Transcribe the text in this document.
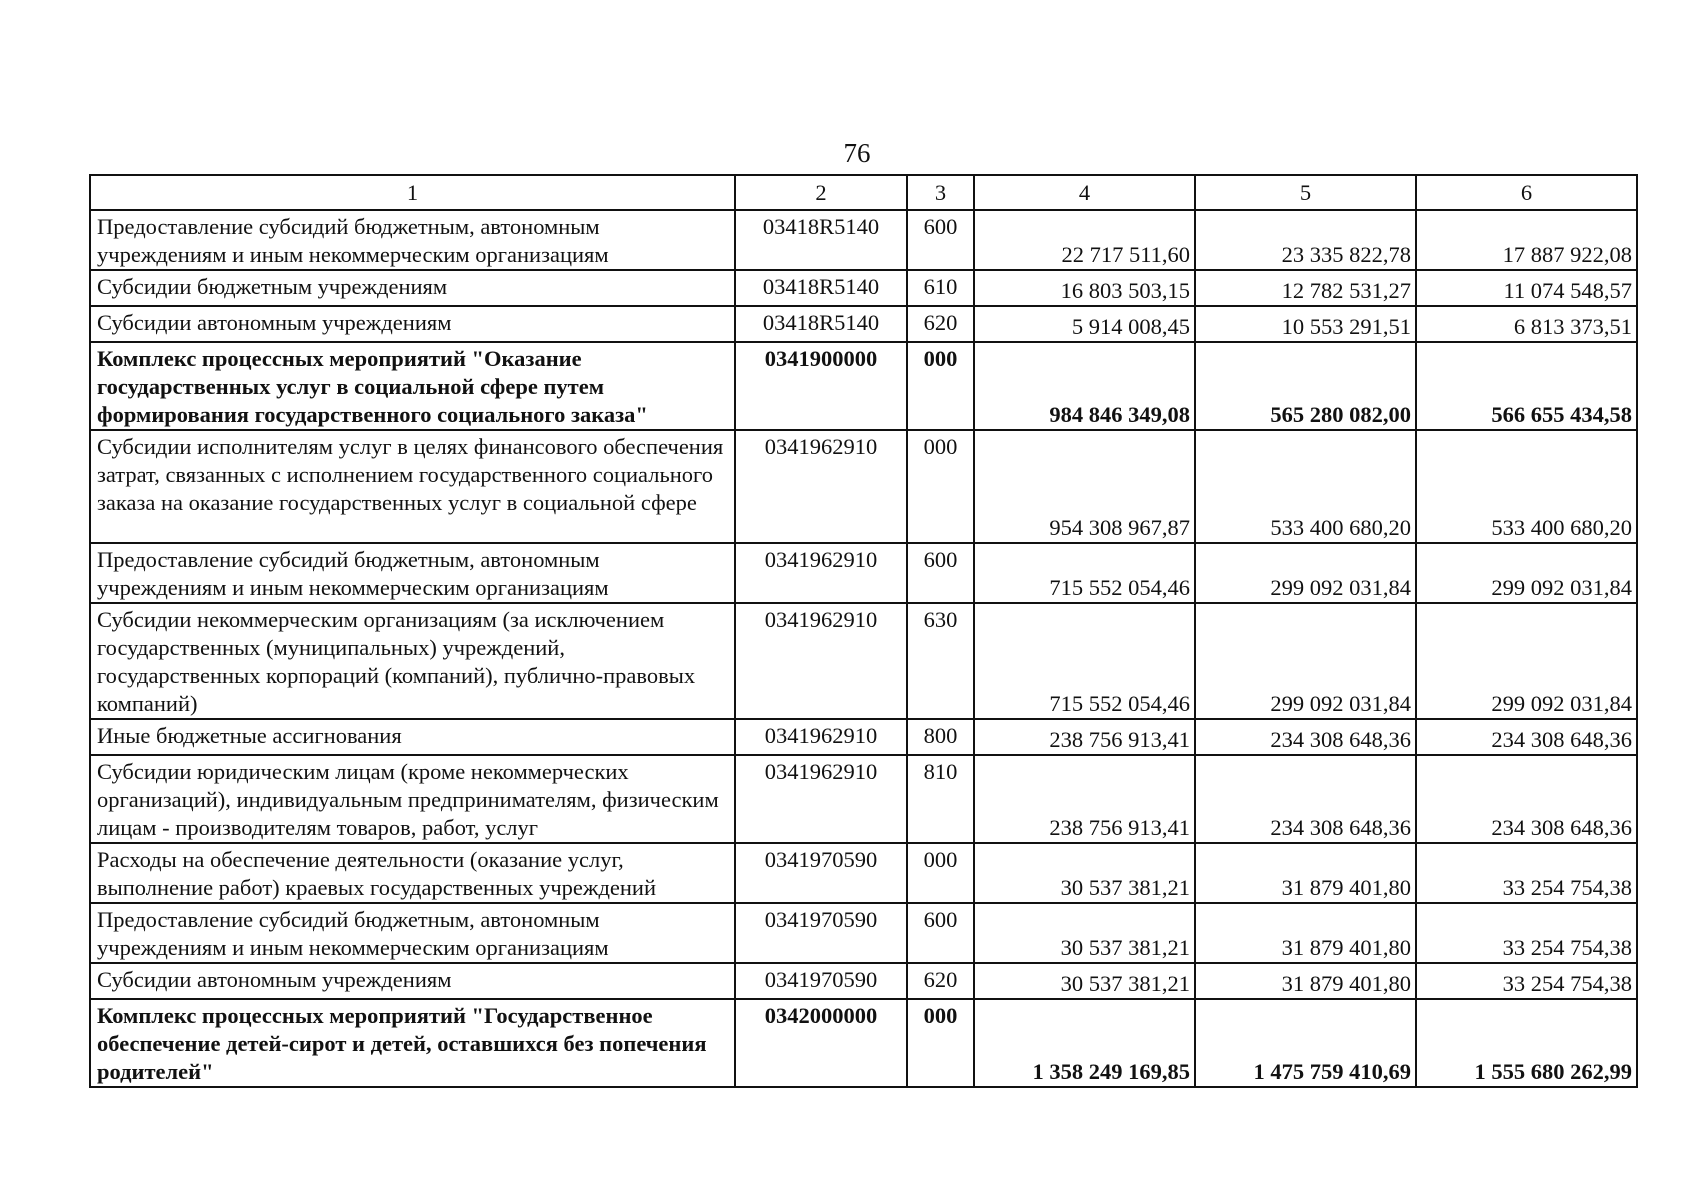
76
1	2	3	4	5	6
Предоставление субсидий бюджетным, автономным учреждениям и иным некоммерческим организациям	03418R5140	600	22 717 511,60	23 335 822,78	17 887 922,08
Субсидии бюджетным учреждениям	03418R5140	610	16 803 503,15	12 782 531,27	11 074 548,57
Субсидии автономным учреждениям	03418R5140	620	5 914 008,45	10 553 291,51	6 813 373,51
Комплекс процессных мероприятий "Оказание государственных услуг в социальной сфере путем формирования государственного социального заказа"	0341900000	000	984 846 349,08	565 280 082,00	566 655 434,58
Субсидии исполнителям услуг в целях финансового обеспечения затрат, связанных с исполнением государственного социального заказа на оказание государственных услуг в социальной сфере	0341962910	000	954 308 967,87	533 400 680,20	533 400 680,20
Предоставление субсидий бюджетным, автономным учреждениям и иным некоммерческим организациям	0341962910	600	715 552 054,46	299 092 031,84	299 092 031,84
Субсидии некоммерческим организациям (за исключением государственных (муниципальных) учреждений, государственных корпораций (компаний), публично-правовых компаний)	0341962910	630	715 552 054,46	299 092 031,84	299 092 031,84
Иные бюджетные ассигнования	0341962910	800	238 756 913,41	234 308 648,36	234 308 648,36
Субсидии юридическим лицам (кроме некоммерческих организаций), индивидуальным предпринимателям, физическим лицам - производителям товаров, работ, услуг	0341962910	810	238 756 913,41	234 308 648,36	234 308 648,36
Расходы на обеспечение деятельности (оказание услуг, выполнение работ) краевых государственных учреждений	0341970590	000	30 537 381,21	31 879 401,80	33 254 754,38
Предоставление субсидий бюджетным, автономным учреждениям и иным некоммерческим организациям	0341970590	600	30 537 381,21	31 879 401,80	33 254 754,38
Субсидии автономным учреждениям	0341970590	620	30 537 381,21	31 879 401,80	33 254 754,38
Комплекс процессных мероприятий "Государственное обеспечение детей-сирот и детей, оставшихся без попечения родителей"	0342000000	000	1 358 249 169,85	1 475 759 410,69	1 555 680 262,99
